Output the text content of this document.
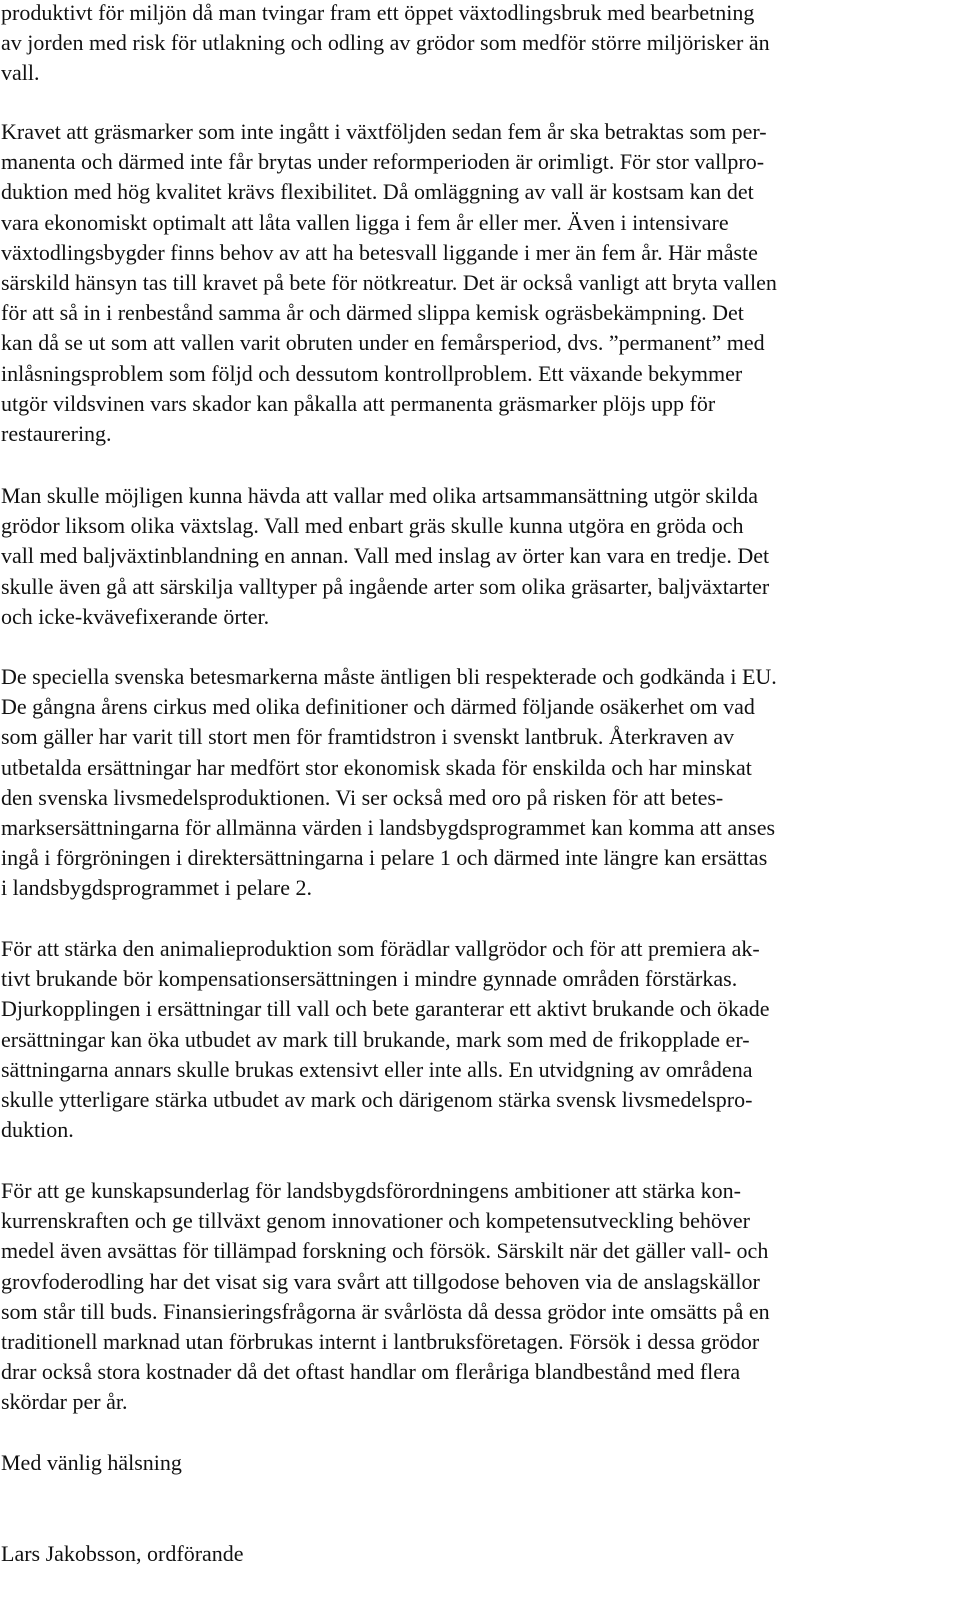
produktivt för miljön då man tvingar fram ett öppet växtodlingsbruk med bearbetning
av jorden med risk för utlakning och odling av grödor som medför större miljörisker än
vall.
Kravet att gräsmarker som inte ingått i växtföljden sedan fem år ska betraktas som per-
manenta och därmed inte får brytas under reformperioden är orimligt. För stor vallpro-
duktion med hög kvalitet krävs flexibilitet. Då omläggning av vall är kostsam kan det
vara ekonomiskt optimalt att låta vallen ligga i fem år eller mer. Även i intensivare
växtodlingsbygder finns behov av att ha betesvall liggande i mer än fem år. Här måste
särskild hänsyn tas till kravet på bete för nötkreatur. Det är också vanligt att bryta vallen
för att så in i renbestånd samma år och därmed slippa kemisk ogräsbekämpning. Det
kan då se ut som att vallen varit obruten under en femårsperiod, dvs. ”permanent” med
inlåsningsproblem som följd och dessutom kontrollproblem. Ett växande bekymmer
utgör vildsvinen vars skador kan påkalla att permanenta gräsmarker plöjs upp för
restaurering.
Man skulle möjligen kunna hävda att vallar med olika artsammansättning utgör skilda
grödor liksom olika växtslag. Vall med enbart gräs skulle kunna utgöra en gröda och
vall med baljväxtinblandning en annan. Vall med inslag av örter kan vara en tredje. Det
skulle även gå att särskilja valltyper på ingående arter som olika gräsarter, baljväxtarter
och icke-kvävefixerande örter.
De speciella svenska betesmarkerna måste äntligen bli respekterade och godkända i EU.
De gångna årens cirkus med olika definitioner och därmed följande osäkerhet om vad
som gäller har varit till stort men för framtidstron i svenskt lantbruk. Återkraven av
utbetalda ersättningar har medfört stor ekonomisk skada för enskilda och har minskat
den svenska livsmedelsproduktionen. Vi ser också med oro på risken för att betes-
marksersättningarna för allmänna värden i landsbygdsprogrammet kan komma att anses
ingå i förgröningen i direktersättningarna i pelare 1 och därmed inte längre kan ersättas
i landsbygdsprogrammet i pelare 2.
För att stärka den animalieproduktion som förädlar vallgrödor och för att premiera ak-
tivt brukande bör kompensationsersättningen i mindre gynnade områden förstärkas.
Djurkopplingen i ersättningar till vall och bete garanterar ett aktivt brukande och ökade
ersättningar kan öka utbudet av mark till brukande, mark som med de frikopplade er-
sättningarna annars skulle brukas extensivt eller inte alls. En utvidgning av områdena
skulle ytterligare stärka utbudet av mark och därigenom stärka svensk livsmedelspro-
duktion.
För att ge kunskapsunderlag för landsbygdsförordningens ambitioner att stärka kon-
kurrenskraften och ge tillväxt genom innovationer och kompetensutveckling behöver
medel även avsättas för tillämpad forskning och försök. Särskilt när det gäller vall- och
grovfoderodling har det visat sig vara svårt att tillgodose behoven via de anslagskällor
som står till buds. Finansieringsfrågorna är svårlösta då dessa grödor inte omsätts på en
traditionell marknad utan förbrukas internt i lantbruksföretagen. Försök i dessa grödor
drar också stora kostnader då det oftast handlar om fleråriga blandbestånd med flera
skördar per år.
Med vänlig hälsning
Lars Jakobsson, ordförande
